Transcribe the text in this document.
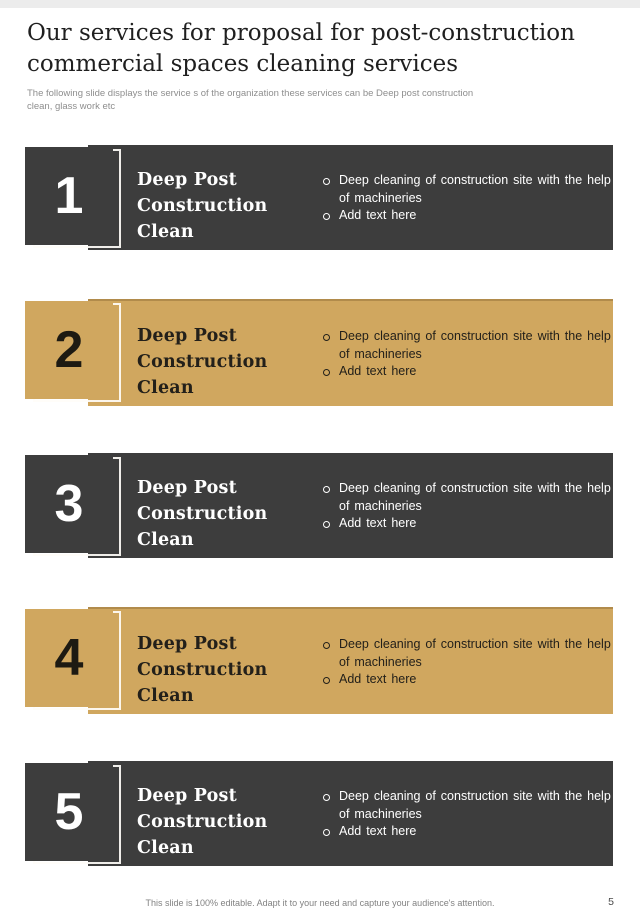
Our services for proposal for post-construction commercial spaces cleaning services
The following slide displays the service s of the organization these services can be Deep post construction clean, glass work etc
Deep Post Construction Clean
Deep cleaning of construction site with the help of machineries
Add text here
1
Deep Post Construction Clean
Deep cleaning of construction site with the help of machineries
Add text here
2
Deep Post Construction Clean
Deep cleaning of construction site with the help of machineries
Add text here
3
Deep Post Construction Clean
Deep cleaning of construction site with the help of machineries
Add text here
4
Deep Post Construction Clean
Deep cleaning of construction site with the help of machineries
Add text here
5
This slide is 100% editable. Adapt it to your need and capture your audience's attention.	5
